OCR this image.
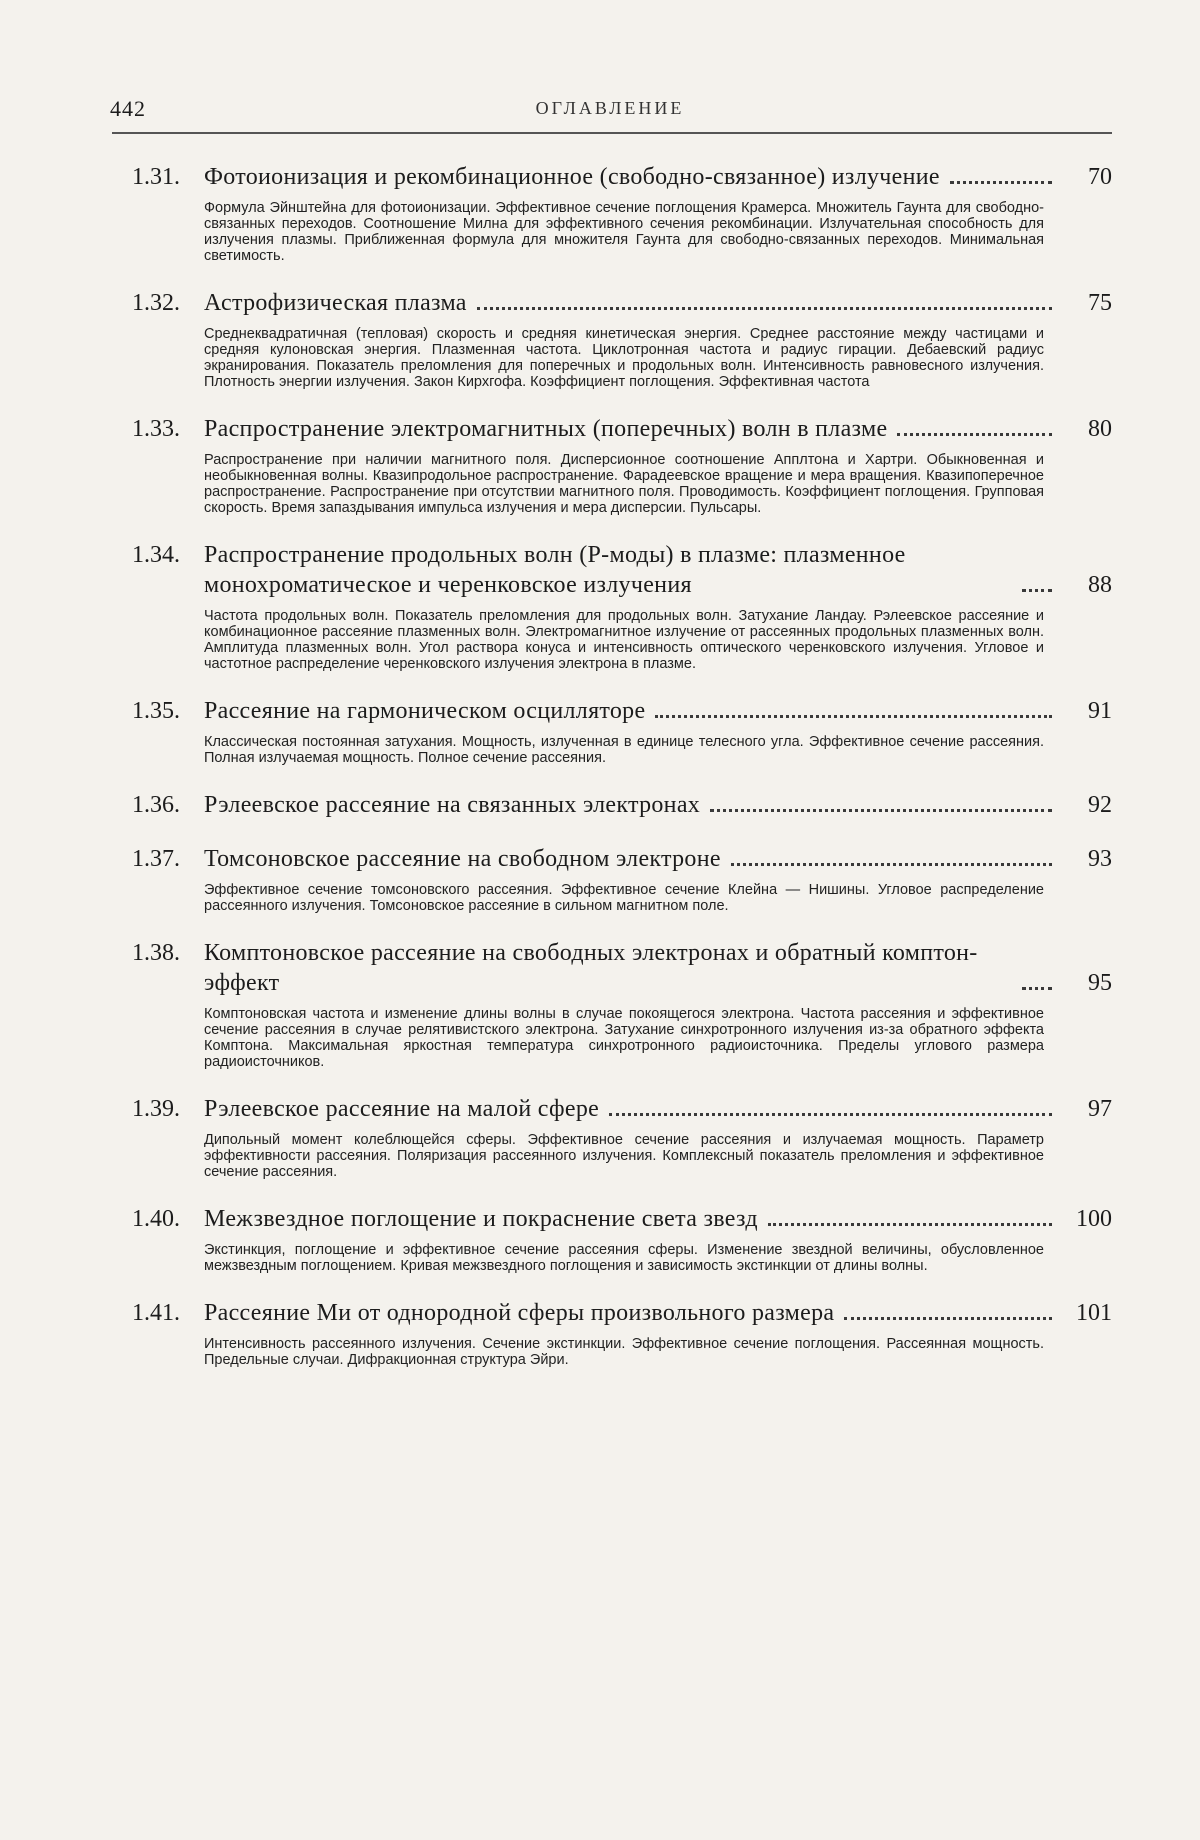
442	ОГЛАВЛЕНИЕ
1.31.	Фотоионизация и рекомбинационное (свободно-связанное) излучение	70
Формула Эйнштейна для фотоионизации. Эффективное сечение поглощения Крамерса. Множитель Гаунта для свободно-связанных переходов. Соотношение Милна для эффективного сечения рекомбинации. Излучательная способность для излучения плазмы. Приближенная формула для множителя Гаунта для свободно-связанных переходов. Минимальная светимость.
1.32.	Астрофизическая плазма	75
Среднеквадратичная (тепловая) скорость и средняя кинетическая энергия. Среднее расстояние между частицами и средняя кулоновская энергия. Плазменная частота. Циклотронная частота и радиус гирации. Дебаевский радиус экранирования. Показатель преломления для поперечных и продольных волн. Интенсивность равновесного излучения. Плотность энергии излучения. Закон Кирхгофа. Коэффициент поглощения. Эффективная частота
1.33.	Распространение электромагнитных (поперечных) волн в плазме	80
Распространение при наличии магнитного поля. Дисперсионное соотношение Апплтона и Хартри. Обыкновенная и необыкновенная волны. Квазипродольное распространение. Фарадеевское вращение и мера вращения. Квазипоперечное распространение. Распространение при отсутствии магнитного поля. Проводимость. Коэффициент поглощения. Групповая скорость. Время запаздывания импульса излучения и мера дисперсии. Пульсары.
1.34.	Распространение продольных волн (P-моды) в плазме: плазменное монохроматическое и черенковское излучения	88
Частота продольных волн. Показатель преломления для продольных волн. Затухание Ландау. Рэлеевское рассеяние и комбинационное рассеяние плазменных волн. Электромагнитное излучение от рассеянных продольных плазменных волн. Амплитуда плазменных волн. Угол раствора конуса и интенсивность оптического черенковского излучения. Угловое и частотное распределение черенковского излучения электрона в плазме.
1.35.	Рассеяние на гармоническом осцилляторе	91
Классическая постоянная затухания. Мощность, излученная в единице телесного угла. Эффективное сечение рассеяния. Полная излучаемая мощность. Полное сечение рассеяния.
1.36.	Рэлеевское рассеяние на связанных электронах	92
1.37.	Томсоновское рассеяние на свободном электроне	93
Эффективное сечение томсоновского рассеяния. Эффективное сечение Клейна — Нишины. Угловое распределение рассеянного излучения. Томсоновское рассеяние в сильном магнитном поле.
1.38.	Комптоновское рассеяние на свободных электронах и обратный комптон-эффект	95
Комптоновская частота и изменение длины волны в случае покоящегося электрона. Частота рассеяния и эффективное сечение рассеяния в случае релятивистского электрона. Затухание синхротронного излучения из-за обратного эффекта Комптона. Максимальная яркостная температура синхротронного радиоисточника. Пределы углового размера радиоисточников.
1.39.	Рэлеевское рассеяние на малой сфере	97
Дипольный момент колеблющейся сферы. Эффективное сечение рассеяния и излучаемая мощность. Параметр эффективности рассеяния. Поляризация рассеянного излучения. Комплексный показатель преломления и эффективное сечение рассеяния.
1.40.	Межзвездное поглощение и покраснение света звезд	100
Экстинкция, поглощение и эффективное сечение рассеяния сферы. Изменение звездной величины, обусловленное межзвездным поглощением. Кривая межзвездного поглощения и зависимость экстинкции от длины волны.
1.41.	Рассеяние Ми от однородной сферы произвольного размера	101
Интенсивность рассеянного излучения. Сечение экстинкции. Эффективное сечение поглощения. Рассеянная мощность. Предельные случаи. Дифракционная структура Эйри.
